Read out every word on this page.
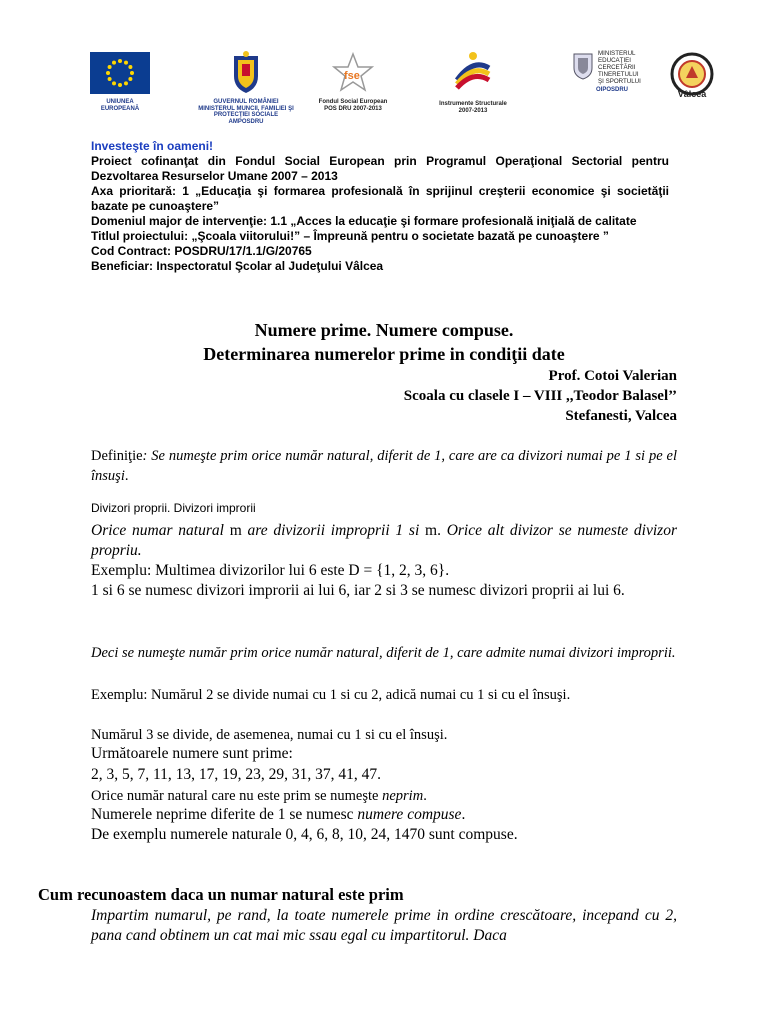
UNIUNEA EUROPEANĂ
GUVERNUL ROMÂNIEI
MINISTERUL MUNCII, FAMILIEI ŞI
PROTECŢIEI SOCIALE
AMPOSDRU
fse
Fondul Social European
POS DRU 2007-2013
Instrumente Structurale
2007-2013
MINISTERUL
EDUCAŢIEI
CERCETĂRII
TINERETULUI
ŞI SPORTULUI
OIPOSDRU	Vâlcea
Investeşte în oameni!
Proiect cofinanţat din Fondul Social European prin Programul Operaţional Sectorial pentru Dezvoltarea Resurselor Umane 2007 – 2013
Axa prioritară: 1 „Educaţia şi formarea profesională în sprijinul creşterii economice şi societăţii bazate pe cunoaştere”
Domeniul major de intervenţie: 1.1 „Acces la educaţie şi formare profesională iniţială de calitate
Titlul proiectului: „Şcoala viitorului!” – Împreună pentru o societate bazată pe cunoaştere ”
Cod Contract: POSDRU/17/1.1/G/20765
Beneficiar: Inspectoratul Şcolar al Judeţului Vâlcea
Numere prime. Numere compuse.
Determinarea numerelor prime in condiţii date
Prof. Cotoi Valerian
Scoala cu clasele I – VIII ,,Teodor Balasel’’
Stefanesti, Valcea
Definiţie: Se numeşte prim orice număr natural, diferit de 1, care are ca divizori numai pe 1 si pe el însuşi.
Divizori proprii. Divizori improrii
Orice numar natural m are divizorii improprii 1 si m. Orice alt divizor se numeste divizor propriu.
Exemplu: Multimea divizorilor lui 6 este D = {1, 2, 3, 6}.
1 si 6 se numesc divizori improrii ai lui 6, iar 2 si 3 se numesc divizori proprii ai lui 6.
Deci se numeşte număr prim orice număr natural, diferit de 1, care admite numai divizori improprii.
Exemplu: Numărul 2 se divide numai cu 1 si cu 2, adică numai cu 1 si cu el însuşi.
Numărul 3 se divide, de asemenea, numai cu 1 si cu el însuşi.
Următoarele numere sunt prime:
2, 3, 5, 7, 11, 13, 17, 19, 23, 29, 31, 37, 41, 47.
Orice număr natural care nu este prim se numeşte neprim.
Numerele neprime diferite de 1 se numesc numere compuse.
De exemplu numerele naturale 0, 4, 6, 8, 10, 24, 1470 sunt compuse.
Cum recunoastem daca un numar natural este prim
Impartim numarul, pe rand, la toate numerele prime in ordine crescătoare, incepand cu 2, pana cand obtinem un cat mai mic ssau egal cu impartitorul. Daca
